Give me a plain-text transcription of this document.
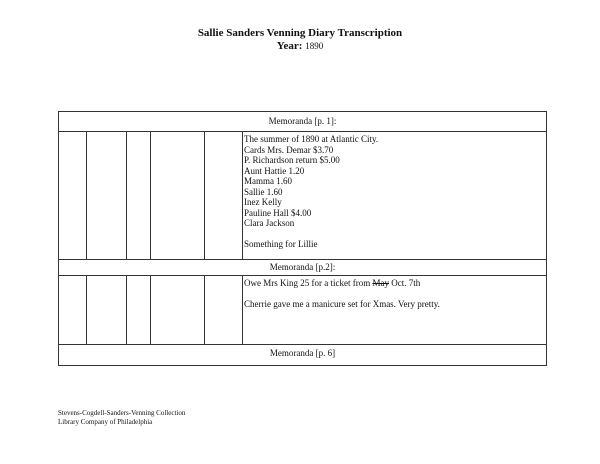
Sallie Sanders Venning Diary Transcription
Year: 1890
Memoranda [p. 1]:

The summer of 1890 at Atlantic City.

Cards Mrs. Demar $3.70

P. Richardson return $5.00

Aunt Hattie 1.20

Mamma 1.60

Sallie 1.60

Inez Kelly

Pauline Hall $4.00

Clara Jackson

Something for Lillie

Memoranda [p.2]:

Owe Mrs King 25 for a ticket from May Oct. 7th

Cherrie gave me a manicure set for Xmas. Very pretty.

Memoranda [p. 6]
Stevens-Cogdell-Sanders-Venning Collection
Library Company of Philadelphia
